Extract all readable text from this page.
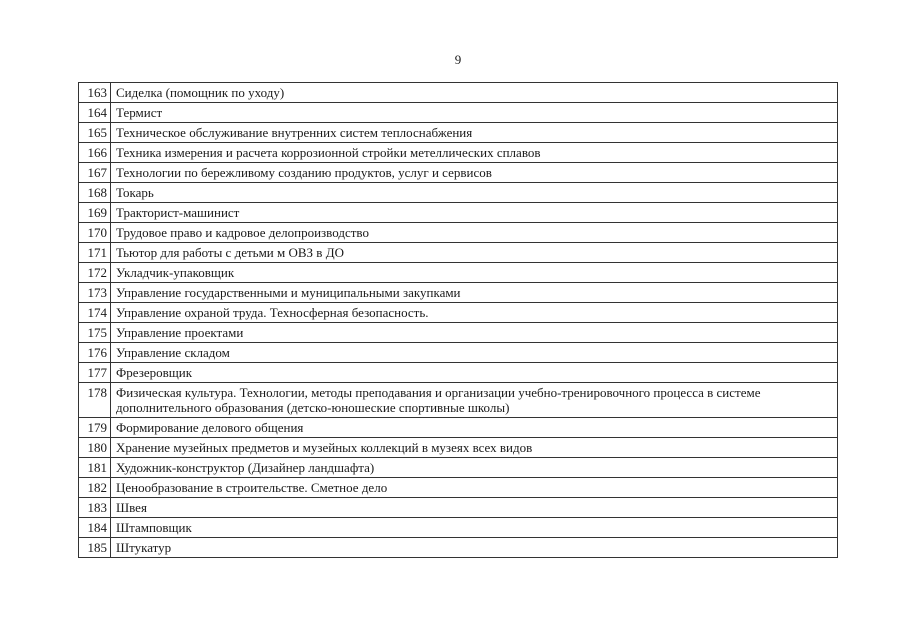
9
163	Сиделка (помощник по уходу)
164	Термист
165	Техническое обслуживание внутренних систем теплоснабжения
166	Техника измерения и расчета коррозионной стройки метеллических сплавов
167	Технологии по бережливому созданию продуктов, услуг и сервисов
168	Токарь
169	Тракторист-машинист
170	Трудовое право и кадровое делопроизводство
171	Тьютор для работы с детьми м ОВЗ в ДО
172	Укладчик-упаковщик
173	Управление государственными и муниципальными закупками
174	Управление охраной труда. Техносферная безопасность.
175	Управление проектами
176	Управление складом
177	Фрезеровщик
178	Физическая культура. Технологии, методы преподавания и организации учебно-тренировочного процесса в системе дополнительного образования (детско-юношеские спортивные школы)
179	Формирование делового общения
180	Хранение музейных предметов и музейных коллекций в музеях всех видов
181	Художник-конструктор (Дизайнер ландшафта)
182	Ценообразование в строительстве. Сметное дело
183	Швея
184	Штамповщик
185	Штукатур
